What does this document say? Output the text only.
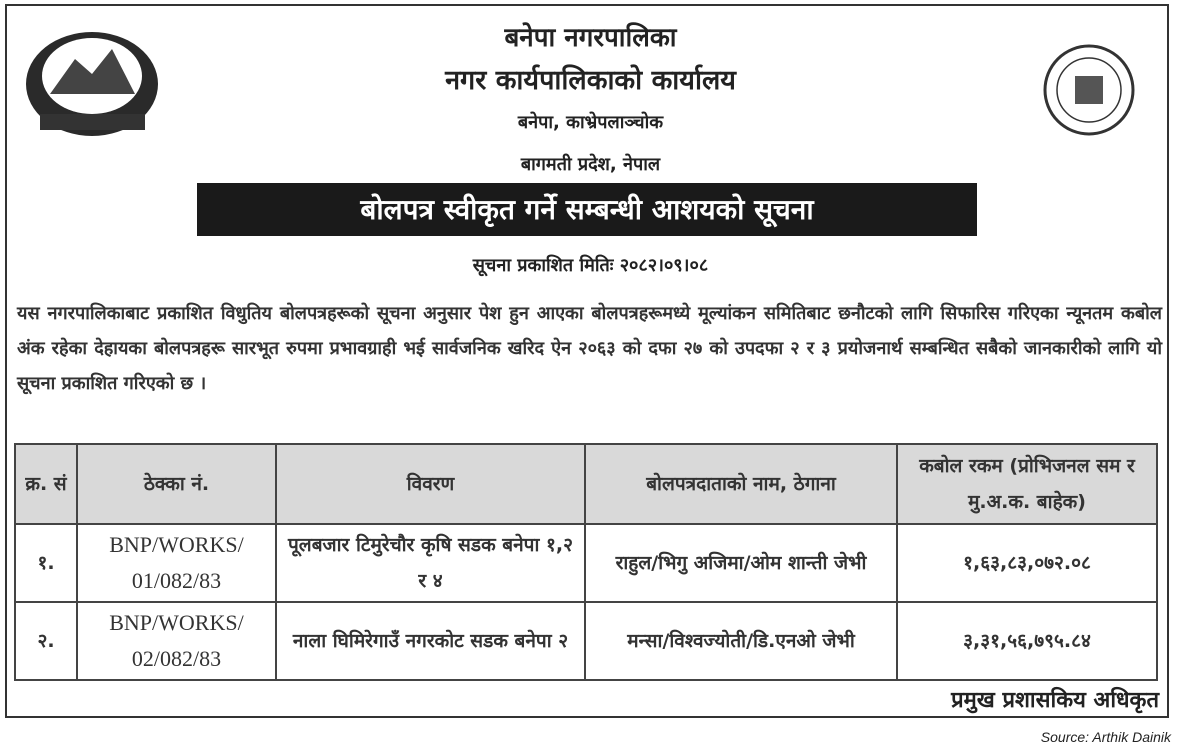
बनेपा नगरपालिका
नगर कार्यपालिकाको कार्यालय
बनेपा, काभ्रेपलाञ्चोक
बागमती प्रदेश, नेपाल
बोलपत्र स्वीकृत गर्ने सम्बन्धी आशयको सूचना
सूचना प्रकाशित मितिः २०८२।०९।०८
यस नगरपालिकाबाट प्रकाशित विधुतिय बोलपत्रहरूको सूचना अनुसार पेश हुन आएका बोलपत्रहरूमध्ये मूल्यांकन समितिबाट छनौटको लागि सिफारिस गरिएका न्यूनतम कबोल अंक रहेका देहायका बोलपत्रहरू सारभूत रुपमा प्रभावग्राही भई सार्वजनिक खरिद ऐन २०६३ को दफा २७ को उपदफा २ र ३ प्रयोजनार्थ सम्बन्धित सबैको जानकारीको लागि यो सूचना प्रकाशित गरिएको छ ।
क्र. सं	ठेक्का नं.	विवरण	बोलपत्रदाताको नाम, ठेगाना	कबोल रकम (प्रोभिजनल सम र मु.अ.क. बाहेक)
१.	BNP/WORKS/ 01/082/83	पूलबजार टिमुरेचौर कृषि सडक बनेपा १,२ र ४	राहुल/भिगु अजिमा/ओम शान्ती जेभी	१,६३,८३,०७२.०८
२.	BNP/WORKS/ 02/082/83	नाला घिमिरेगाउँ नगरकोट सडक बनेपा २	मन्सा/विश्वज्योती/डि.एनओ जेभी	३,३१,५६,७९५.८४
प्रमुख प्रशासकिय अधिकृत
Source: Arthik Dainik
